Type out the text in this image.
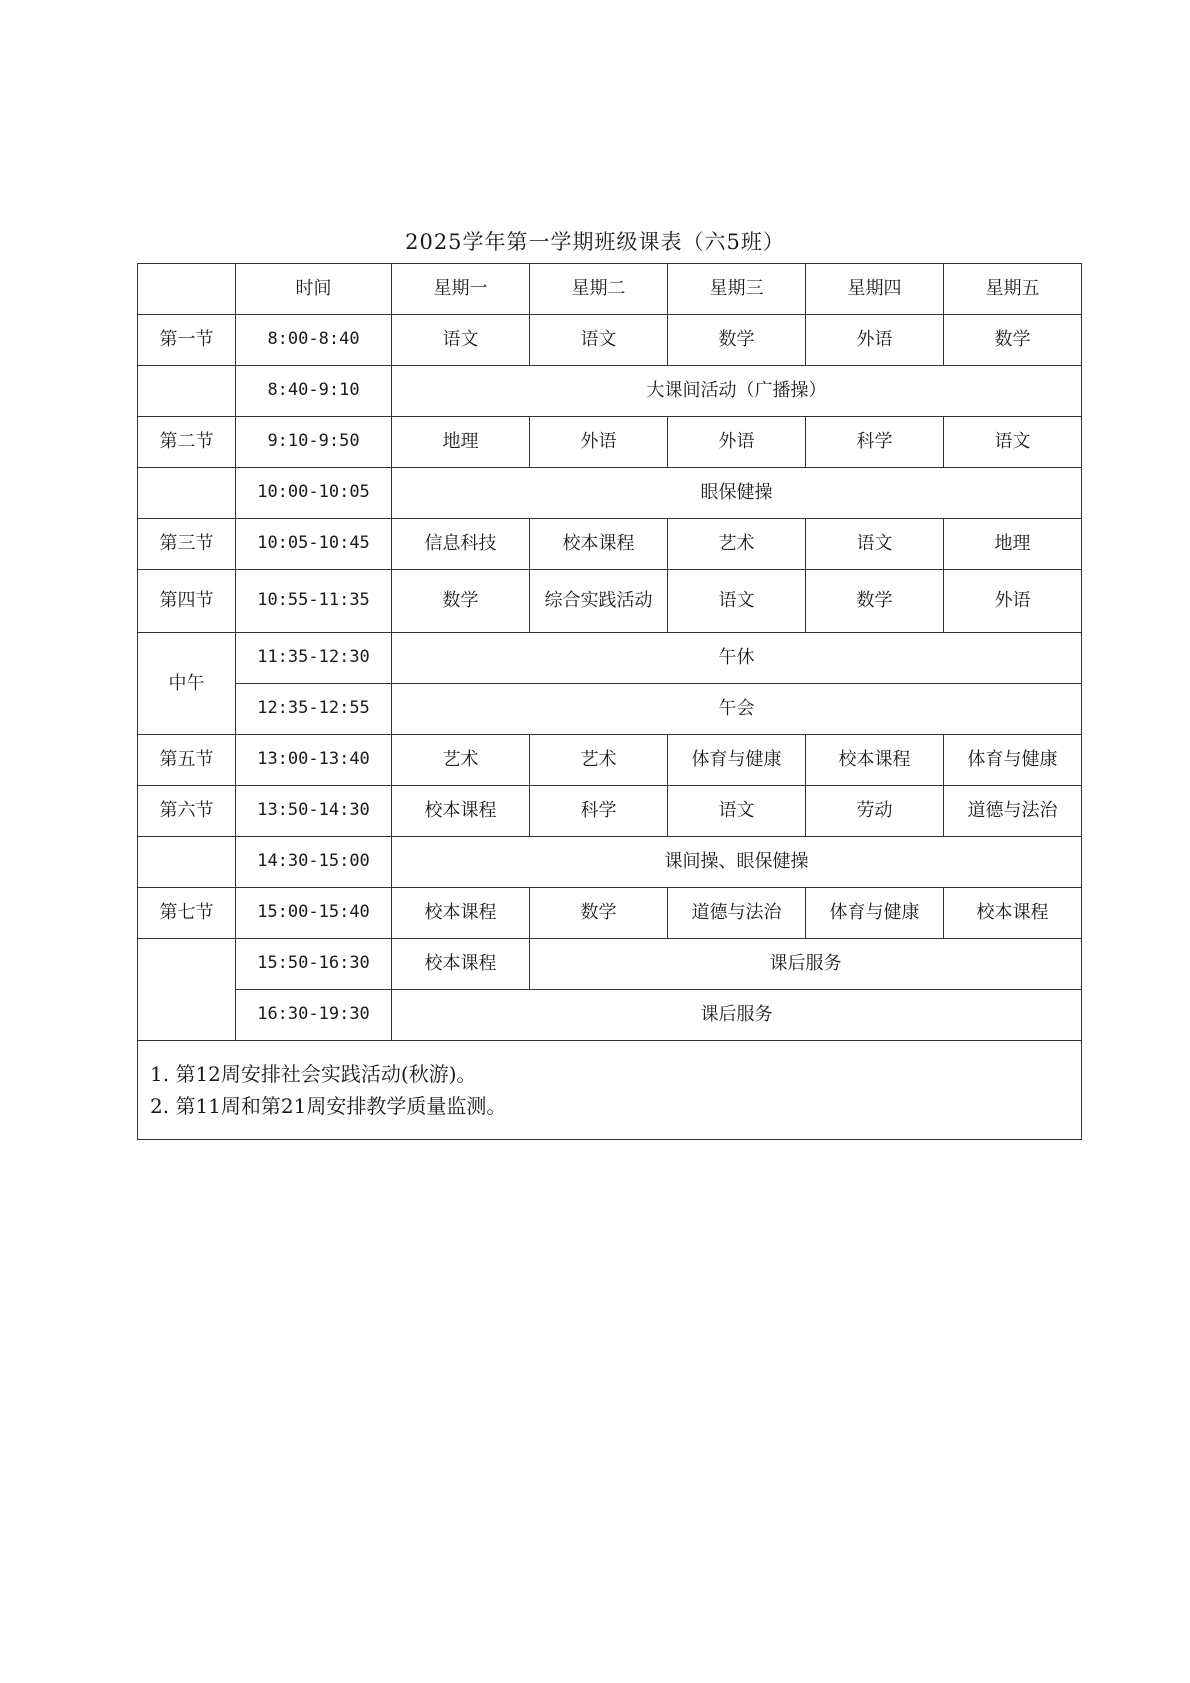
2025学年第一学期班级课表（六5班）
	时间	星期一	星期二	星期三	星期四	星期五
第一节	8:00-8:40	语文	语文	数学	外语	数学
	8:40-9:10	大课间活动（广播操）				
第二节	9:10-9:50	地理	外语	外语	科学	语文
	10:00-10:05	眼保健操				
第三节	10:05-10:45	信息科技	校本课程	艺术	语文	地理
第四节	10:55-11:35	数学	综合实践活动	语文	数学	外语
中午	11:35-12:30	午休				
	12:35-12:55	午会				
第五节	13:00-13:40	艺术	艺术	体育与健康	校本课程	体育与健康
第六节	13:50-14:30	校本课程	科学	语文	劳动	道德与法治
	14:30-15:00	课间操、眼保健操				
第七节	15:00-15:40	校本课程	数学	道德与法治	体育与健康	校本课程
	15:50-16:30	校本课程	课后服务			
	16:30-19:30	课后服务				

1. 第12周安排社会实践活动(秋游)。
2. 第11周和第21周安排教学质量监测。						
